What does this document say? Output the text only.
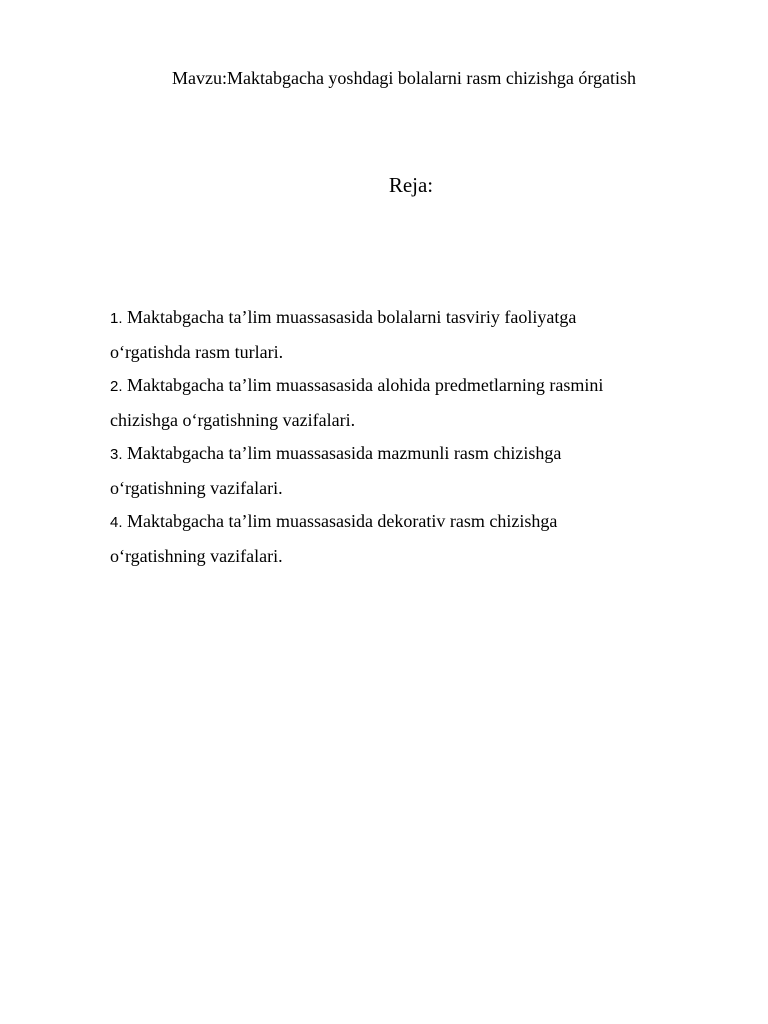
Mavzu:Maktabgacha yoshdagi bolalarni rasm chizishga órgatish
Reja:
1. Maktabgacha ta’lim muassasasida bolalarni tasviriy faoliyatga
o‘rgatishda rasm turlari.
2. Maktabgacha ta’lim muassasasida alohida predmetlarning rasmini
chizishga o‘rgatishning vazifalari.
3. Maktabgacha ta’lim muassasasida mazmunli rasm chizishga
o‘rgatishning vazifalari.
4. Maktabgacha ta’lim muassasasida dekorativ rasm chizishga
o‘rgatishning vazifalari.
